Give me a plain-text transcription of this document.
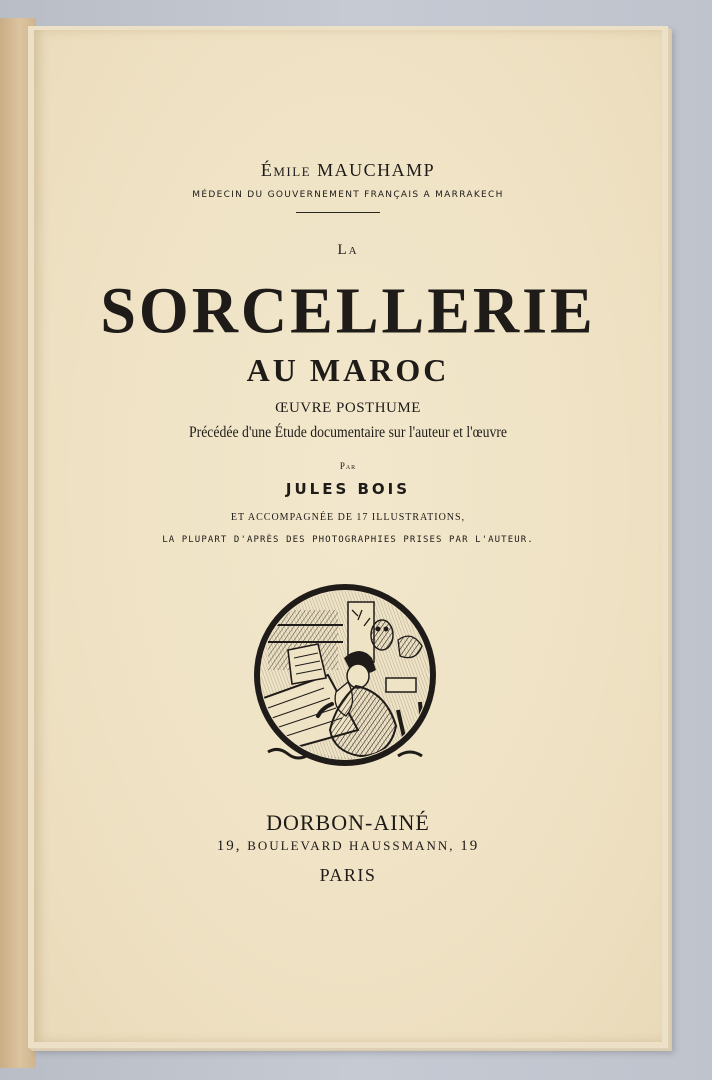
Émile MAUCHAMP
MÉDECIN DU GOUVERNEMENT FRANÇAIS A MARRAKECH
La
SORCELLERIE
AU MAROC
ŒUVRE POSTHUME
Précédée d'une Étude documentaire sur l'auteur et l'œuvre
Par
JULES BOIS
ET ACCOMPAGNÉE DE 17 ILLUSTRATIONS,
LA PLUPART D'APRÈS DES PHOTOGRAPHIES PRISES PAR L'AUTEUR.
DORBON-AINÉ
19, BOULEVARD HAUSSMANN, 19
PARIS
